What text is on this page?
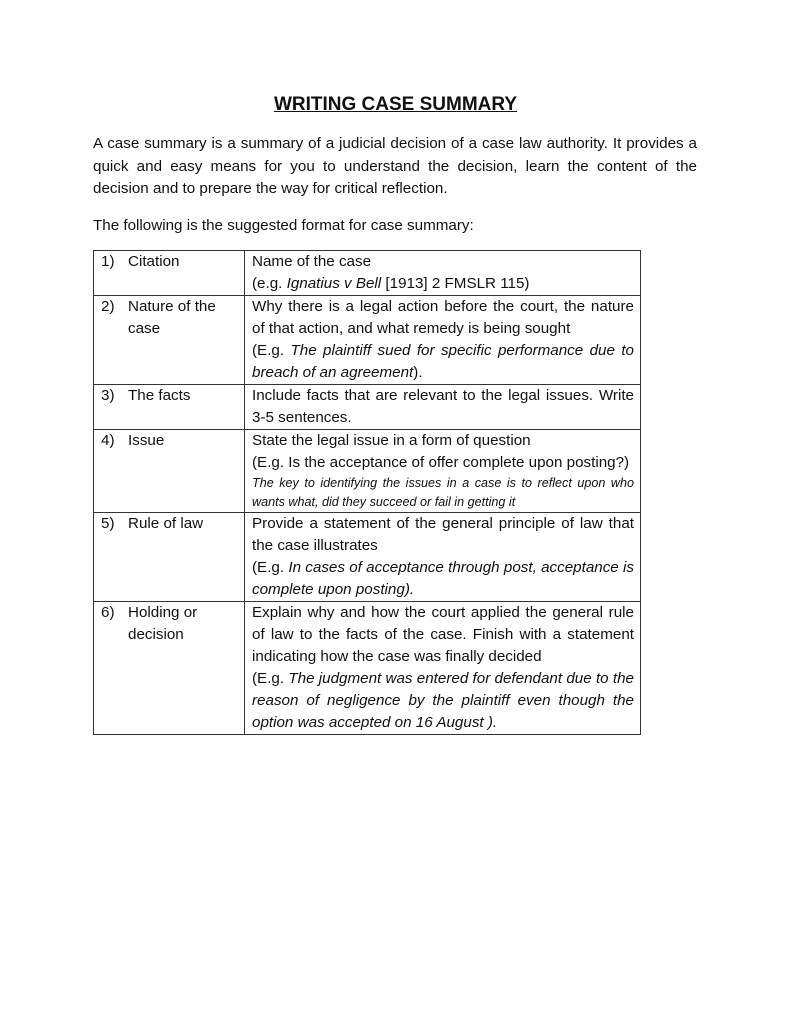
WRITING CASE SUMMARY

A case summary is a summary of a judicial decision of a case law authority. It provides a quick and easy means for you to understand the decision, learn the content of the decision and to prepare the way for critical reflection.

The following is the suggested format for case summary:

1) Citation	Name of the case
(e.g. Ignatius v Bell [1913] 2 FMSLR 115)

2) Nature of the case	Why there is a legal action before the court, the nature of that action, and what remedy is being sought
(E.g. The plaintiff sued for specific performance due to breach of an agreement).

3) The facts	Include facts that are relevant to the legal issues. Write 3-5 sentences.

4) Issue	State the legal issue in a form of question
(E.g. Is the acceptance of offer complete upon posting?)
The key to identifying the issues in a case is to reflect upon who wants what, did they succeed or fail in getting it

5) Rule of law	Provide a statement of the general principle of law that the case illustrates
(E.g. In cases of acceptance through post, acceptance is complete upon posting).

6) Holding or decision	Explain why and how the court applied the general rule of law to the facts of the case. Finish with a statement indicating how the case was finally decided
(E.g. The judgment was entered for defendant due to the reason of negligence by the plaintiff even though the option was accepted on 16 August ).
